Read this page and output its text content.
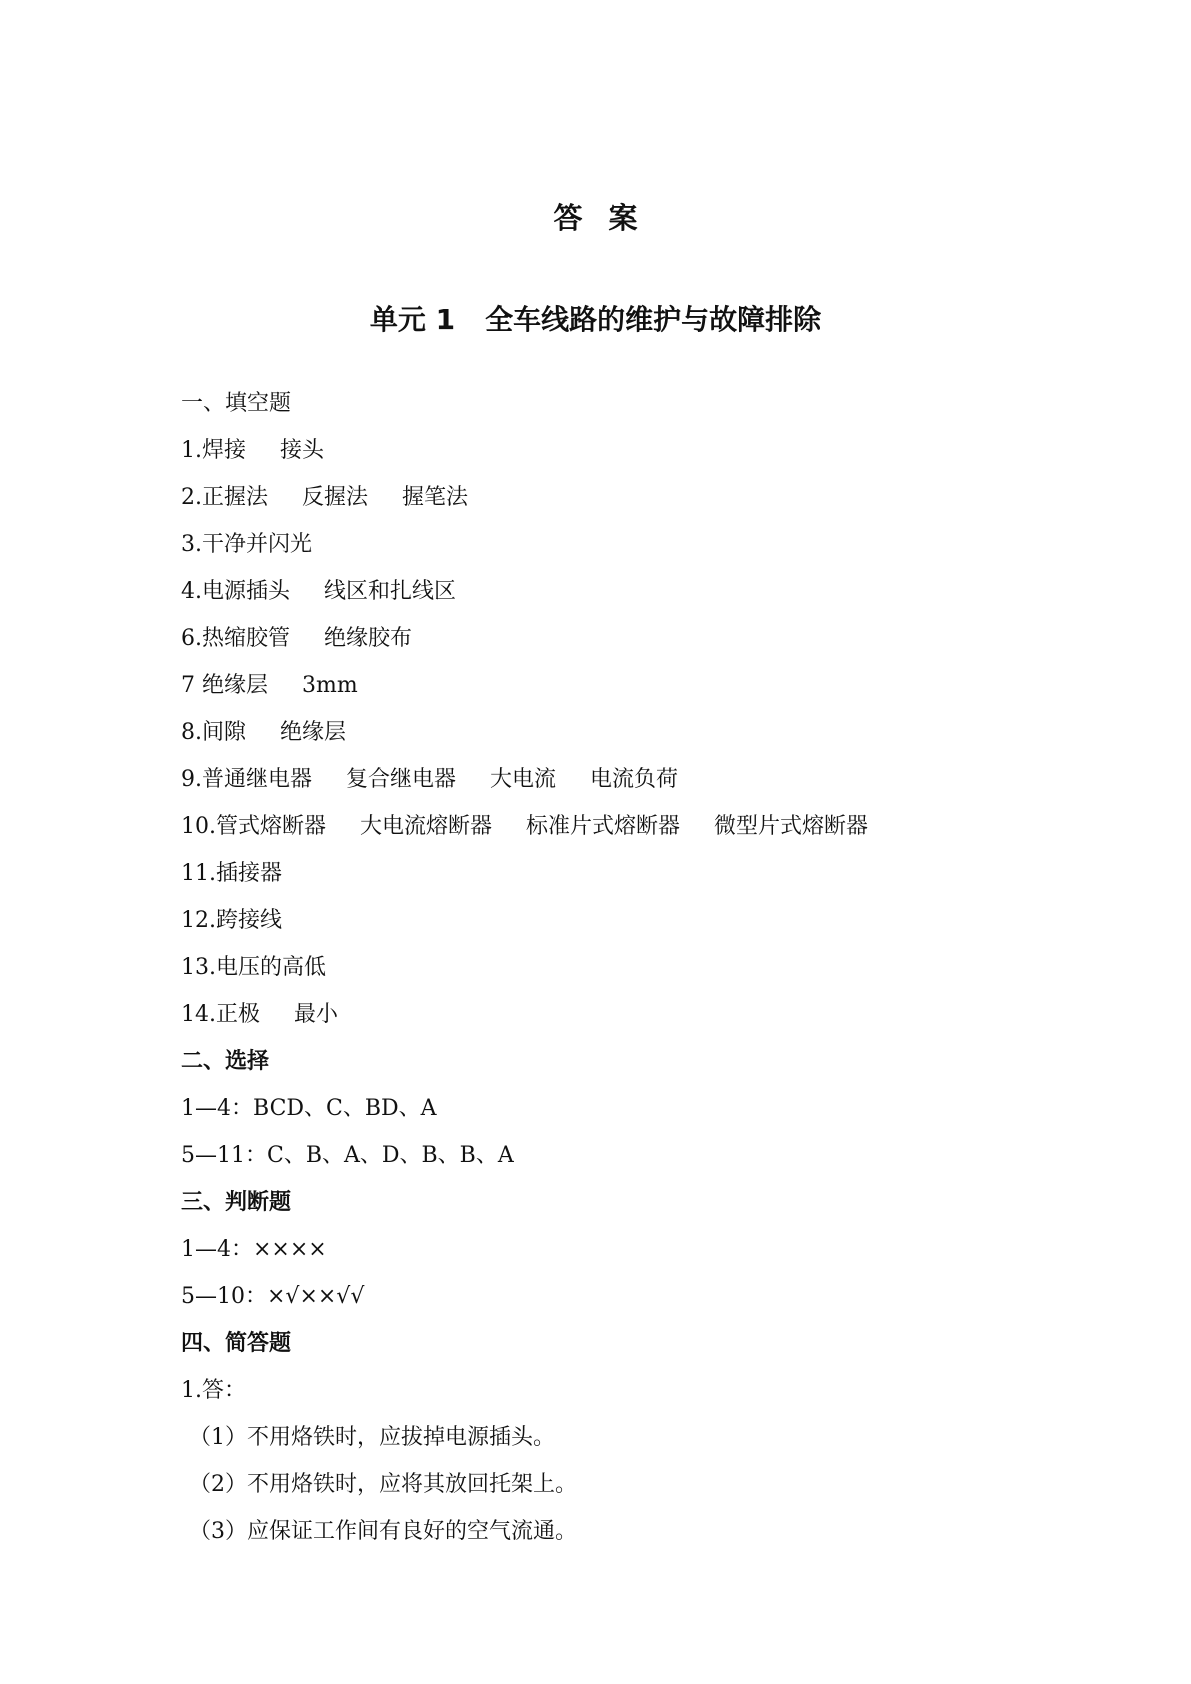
答案
单元 1 全车线路的维护与故障排除
一、填空题
1.焊接 接头
2.正握法 反握法 握笔法
3.干净并闪光
4.电源插头 线区和扎线区
6.热缩胶管 绝缘胶布
7 绝缘层 3mm
8.间隙 绝缘层
9.普通继电器 复合继电器 大电流 电流负荷
10.管式熔断器 大电流熔断器 标准片式熔断器 微型片式熔断器
11.插接器
12.跨接线
13.电压的高低
14.正极 最小
二、选择
1—4：BCD、C、BD、A
5—11：C、B、A、D、B、B、A
三、判断题
1—4：××××
5—10：×√××√√
四、简答题
1.答：
（1）不用烙铁时，应拔掉电源插头。
（2）不用烙铁时，应将其放回托架上。
（3）应保证工作间有良好的空气流通。
